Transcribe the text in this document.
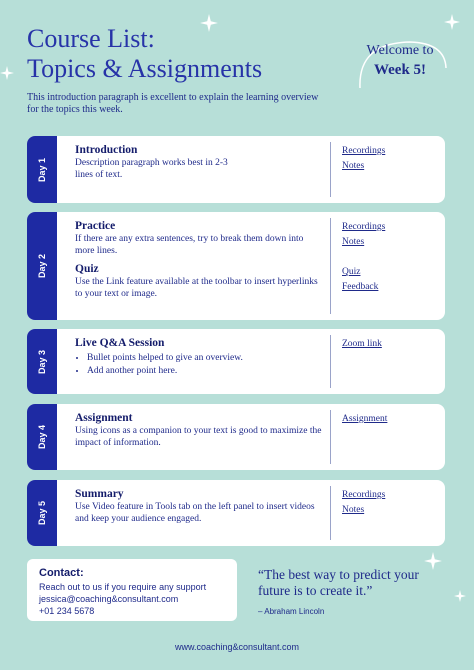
Course List:
Topics & Assignments
Welcome to
Week 5!
This introduction paragraph is excellent to explain the learning overview for the topics this week.
Day 1
Introduction
Description paragraph works best in 2-3 lines of text.
Recordings
Notes
Day 2
Practice
If there are any extra sentences, try to break them down into more lines.
Quiz
Use the Link feature available at the toolbar to insert hyperlinks to your text or image.
Recordings
Notes
Quiz
Feedback
Day 3
Live Q&A Session
• Bullet points helped to give an overview.
• Add another point here.
Zoom link
Day 4
Assignment
Using icons as a companion to your text is good to maximize the impact of information.
Assignment
Day 5
Summary
Use Video feature in Tools tab on the left panel to insert videos and keep your audience engaged.
Recordings
Notes
Contact:
Reach out to us if you require any support
jessica@coaching&consultant.com
+01 234 5678
“The best way to predict your future is to create it.”
– Abraham Lincoln
www.coaching&consultant.com
